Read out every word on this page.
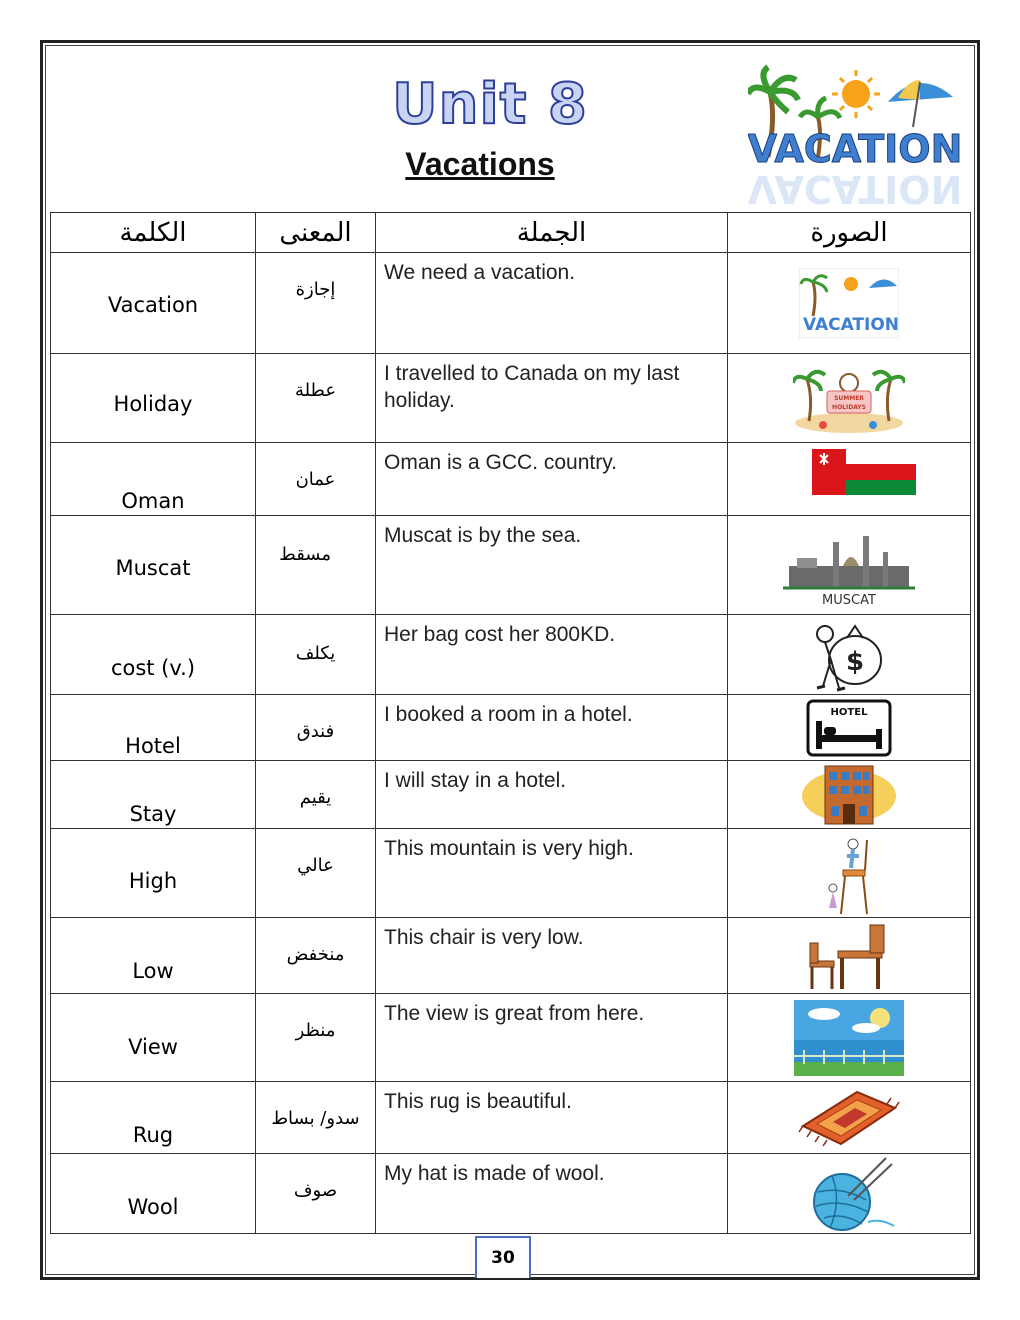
Unit 8
Vacations	VACATION
VACATION
الكلمة	المعنى	الجملة	الصورة

Vacation	إجازة	We need a vacation.	VACATION

Holiday	عطلة	I travelled to Canada on my last holiday.	SUMMER
HOLIDAYS

Oman	عمان	Oman is a GCC. country.	

Muscat	مسقط	Muscat is by the sea.	MUSCAT

cost (v.)	يكلف	Her bag cost her 800KD.	$

Hotel	فندق	I booked a room in a hotel.	HOTEL

Stay	يقيم	I will stay in a hotel.	

High	عالي	This mountain is very high.	

Low	منخفض	This chair is very low.	

View	منظر	The view is great from here.	

Rug	سدو/ بساط	This rug is beautiful.	

Wool	صوف	My hat is made of wool.	
30
